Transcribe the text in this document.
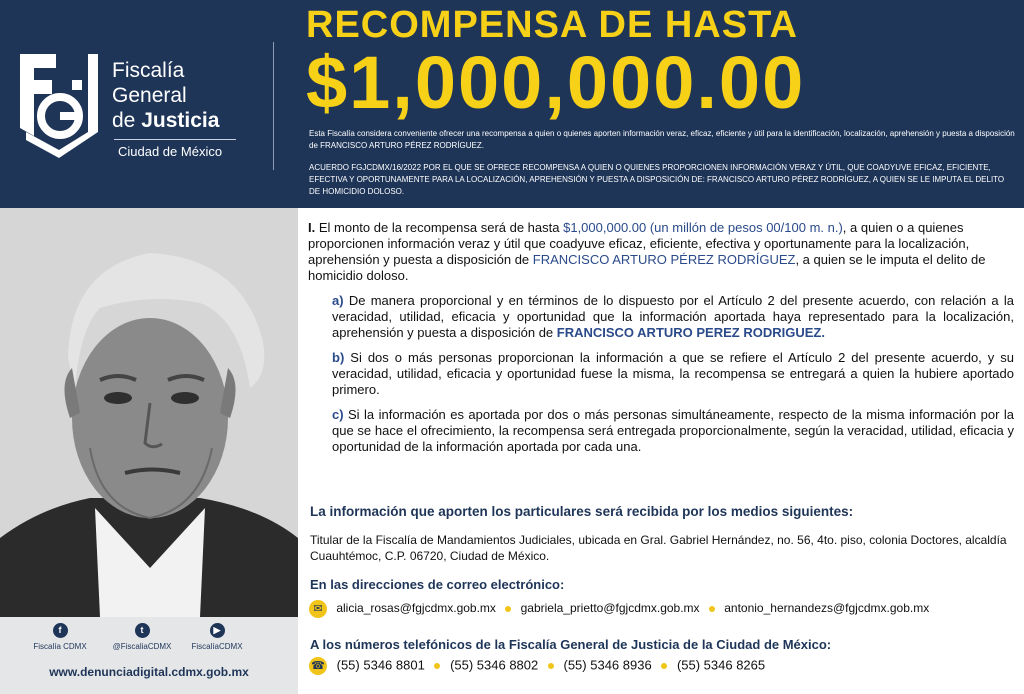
Fiscalía
General
de Justicia
Ciudad de México
RECOMPENSA DE HASTA
$1,000,000.00
Esta Fiscalía considera conveniente ofrecer una recompensa a quien o quienes aporten información veraz, eficaz, eficiente y útil para la identificación, localización, aprehensión y puesta a disposición de FRANCISCO ARTURO PÉREZ RODRÍGUEZ.
ACUERDO FGJCDMX/16/2022 POR EL QUE SE OFRECE RECOMPENSA A QUIEN O QUIENES PROPORCIONEN INFORMACIÓN VERAZ Y ÚTIL, QUE COADYUVE EFICAZ, EFICIENTE, EFECTIVA Y OPORTUNAMENTE PARA LA LOCALIZACIÓN, APREHENSIÓN Y PUESTA A DISPOSICIÓN DE: FRANCISCO ARTURO PÉREZ RODRÍGUEZ, A QUIEN SE LE IMPUTA EL DELITO DE HOMICIDIO DOLOSO.
f
Fiscalía CDMX
t
@FiscaliaCDMX
▶
FiscalíaCDMX
www.denunciadigital.cdmx.gob.mx

I. El monto de la recompensa será de hasta $1,000,000.00 (un millón de pesos 00/100 m. n.), a quien o a quienes proporcionen información veraz y útil que coadyuve eficaz, eficiente, efectiva y oportunamente para la localización, aprehensión y puesta a disposición de FRANCISCO ARTURO PÉREZ RODRÍGUEZ, a quien se le imputa el delito de homicidio doloso.

a) De manera proporcional y en términos de lo dispuesto por el Artículo 2 del presente acuerdo, con relación a la veracidad, utilidad, eficacia y oportunidad que la información aportada haya representado para la localización, aprehensión y puesta a disposición de FRANCISCO ARTURO PEREZ RODRIGUEZ.

b) Si dos o más personas proporcionan la información a que se refiere el Artículo 2 del presente acuerdo, y su veracidad, utilidad, eficacia y oportunidad fuese la misma, la recompensa se entregará a quien la hubiere aportado primero.

c) Si la información es aportada por dos o más personas simultáneamente, respecto de la misma información por la que se hace el ofrecimiento, la recompensa será entregada proporcionalmente, según la veracidad, utilidad, eficacia y oportunidad de la información aportada por cada una.

La información que aporten los particulares será recibida por los medios siguientes:
Titular de la Fiscalía de Mandamientos Judiciales, ubicada en Gral. Gabriel Hernández, no. 56, 4to. piso, colonia Doctores, alcaldía Cuauhtémoc, C.P. 06720, Ciudad de México.
En las direcciones de correo electrónico:
✉ alicia_rosas@fgjcdmx.gob.mx gabriela_prietto@fgjcdmx.gob.mx antonio_hernandezs@fgjcdmx.gob.mx
A los números telefónicos de la Fiscalía General de Justicia de la Ciudad de México:
☎ (55) 5346 8801 (55) 5346 8802 (55) 5346 8936 (55) 5346 8265
